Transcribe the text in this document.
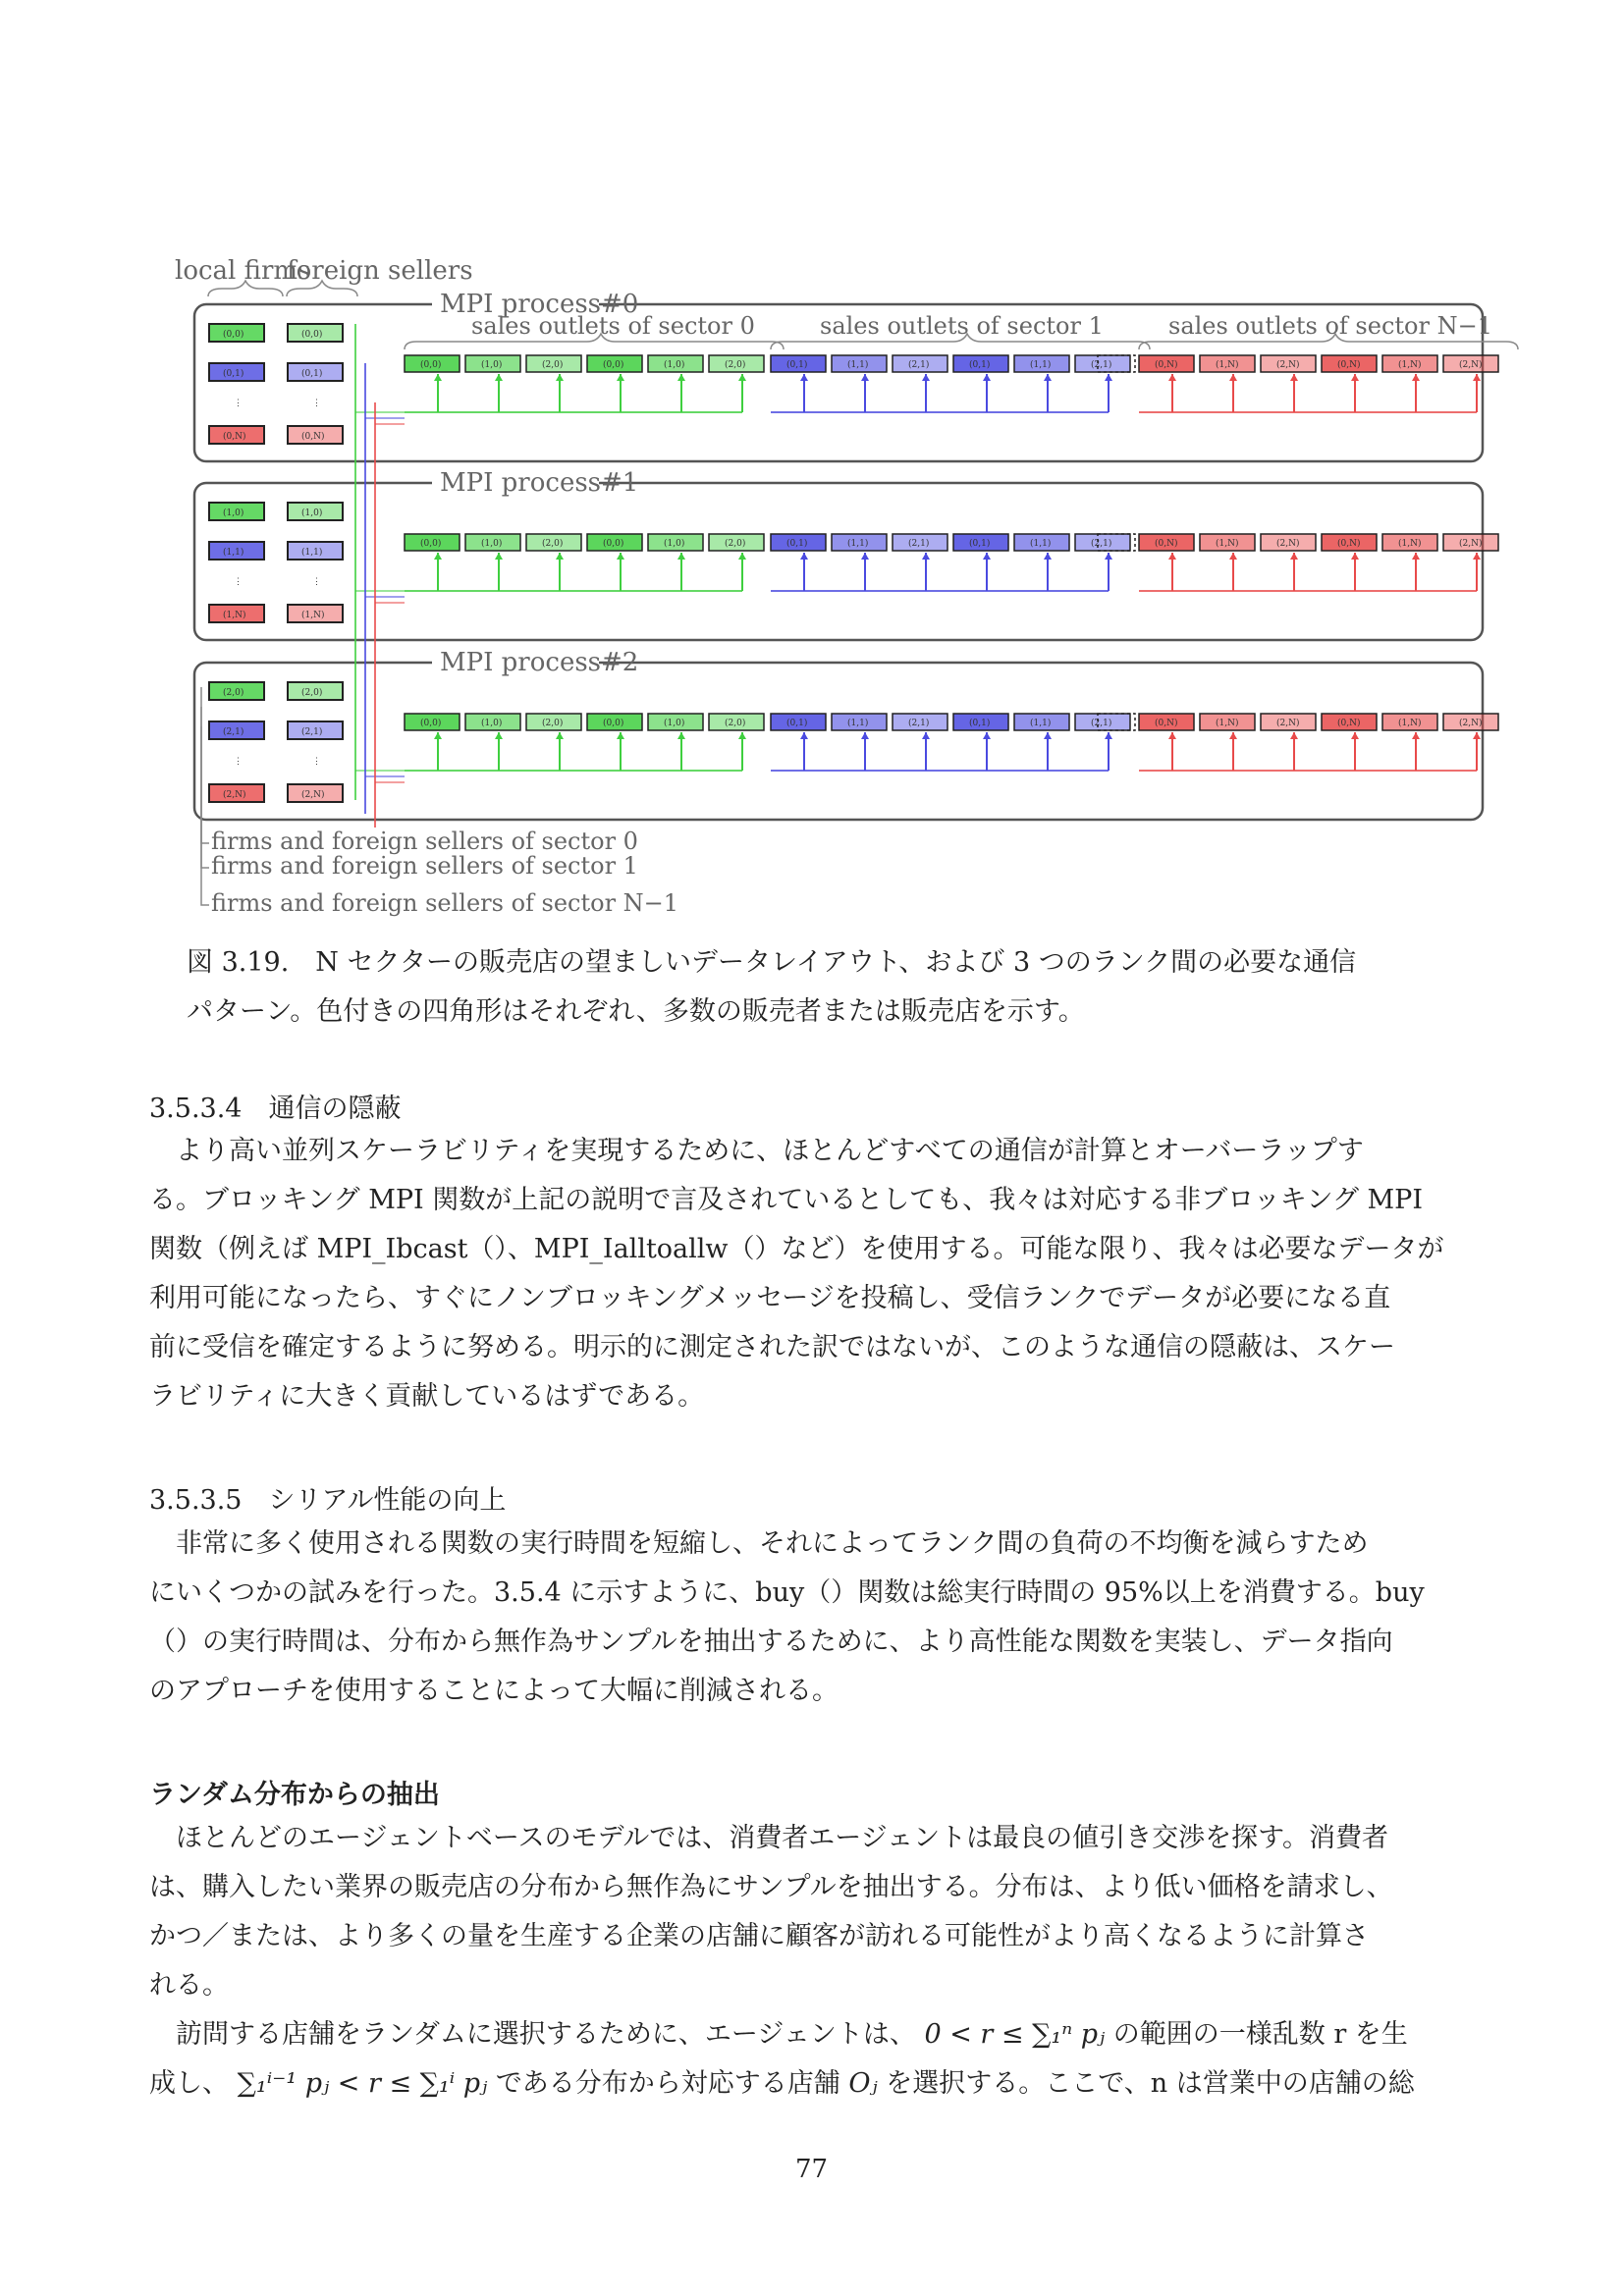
local firms
foreign sellers
MPI process#0
sales outlets of sector 0	sales outlets of sector 1	sales outlets of sector N−1
(0,0)	(0,0)
(0,1)	(0,1)
(0,N)	(0,N)
⋮	⋮
(0,0)	(1,0)	(2,0)	(0,0)	(1,0)	(2,0)	(0,1)	(1,1)	(2,1)	(0,1)	(1,1)	(2,1)	(0,N)	(1,N)	(2,N)	(0,N)	(1,N)	(2,N)
MPI process#1
(1,0)	(1,0)
(1,1)	(1,1)
(1,N)	(1,N)
⋮	⋮
(0,0)	(1,0)	(2,0)	(0,0)	(1,0)	(2,0)	(0,1)	(1,1)	(2,1)	(0,1)	(1,1)	(2,1)	(0,N)	(1,N)	(2,N)	(0,N)	(1,N)	(2,N)
MPI process#2
(2,0)	(2,0)
(2,1)	(2,1)
(2,N)	(2,N)
⋮	⋮
(0,0)	(1,0)	(2,0)	(0,0)	(1,0)	(2,0)	(0,1)	(1,1)	(2,1)	(0,1)	(1,1)	(2,1)	(0,N)	(1,N)	(2,N)	(0,N)	(1,N)	(2,N)
firms and foreign sellers of sector 0
firms and foreign sellers of sector 1
firms and foreign sellers of sector N−1
図 3.19.　N セクターの販売店の望ましいデータレイアウト、および 3 つのランク間の必要な通信
パターン。色付きの四角形はそれぞれ、多数の販売者または販売店を示す。
3.5.3.4　通信の隠蔽
　より高い並列スケーラビリティを実現するために、ほとんどすべての通信が計算とオーバーラップす
る。ブロッキング MPI 関数が上記の説明で言及されているとしても、我々は対応する非ブロッキング MPI
関数（例えば MPI_Ibcast（）、MPI_Ialltoallw（）など）を使用する。可能な限り、我々は必要なデータが
利用可能になったら、すぐにノンブロッキングメッセージを投稿し、受信ランクでデータが必要になる直
前に受信を確定するように努める。明示的に測定された訳ではないが、このような通信の隠蔽は、スケー
ラビリティに大きく貢献しているはずである。
3.5.3.5　シリアル性能の向上
　非常に多く使用される関数の実行時間を短縮し、それによってランク間の負荷の不均衡を減らすため
にいくつかの試みを行った。3.5.4 に示すように、buy（）関数は総実行時間の 95%以上を消費する。buy
（）の実行時間は、分布から無作為サンプルを抽出するために、より高性能な関数を実装し、データ指向
のアプローチを使用することによって大幅に削減される。
ランダム分布からの抽出
　ほとんどのエージェントベースのモデルでは、消費者エージェントは最良の値引き交渉を探す。消費者
は、購入したい業界の販売店の分布から無作為にサンプルを抽出する。分布は、より低い価格を請求し、
かつ／または、より多くの量を生産する企業の店舗に顧客が訪れる可能性がより高くなるように計算さ
れる。
　訪問する店舗をランダムに選択するために、エージェントは、 0 < r ≤ ∑₁ⁿ pⱼ の範囲の一様乱数 r を生
成し、 ∑₁ⁱ⁻¹ pⱼ < r ≤ ∑₁ⁱ pⱼ である分布から対応する店舗 Oⱼ を選択する。ここで、n は営業中の店舗の総
77
